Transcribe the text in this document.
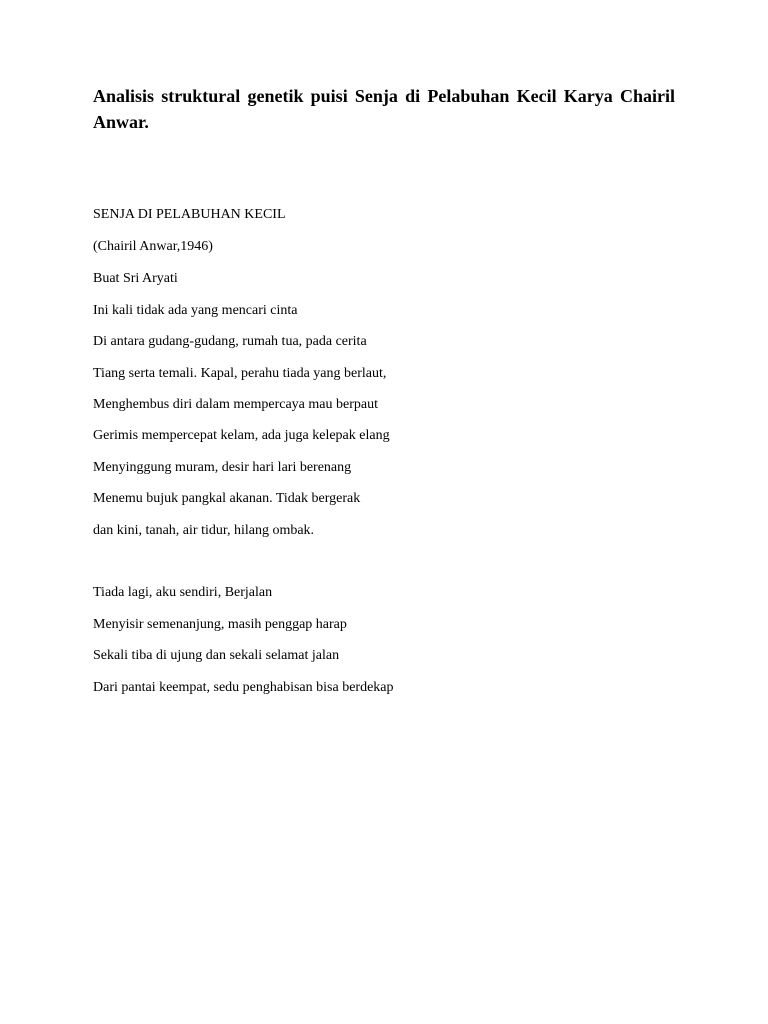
Analisis struktural genetik puisi Senja di Pelabuhan Kecil Karya Chairil Anwar.

SENJA DI PELABUHAN KECIL

(Chairil Anwar,1946)

Buat Sri Aryati

Ini kali tidak ada yang mencari cinta

Di antara gudang-gudang, rumah tua, pada cerita

Tiang serta temali. Kapal, perahu tiada yang berlaut,

Menghembus diri dalam mempercaya mau berpaut

Gerimis mempercepat kelam, ada juga kelepak elang

Menyinggung muram, desir hari lari berenang

Menemu bujuk pangkal akanan. Tidak bergerak

dan kini, tanah, air tidur, hilang ombak.

Tiada lagi, aku sendiri, Berjalan

Menyisir semenanjung, masih penggap harap

Sekali tiba di ujung dan sekali selamat jalan

Dari pantai keempat, sedu penghabisan bisa berdekap
